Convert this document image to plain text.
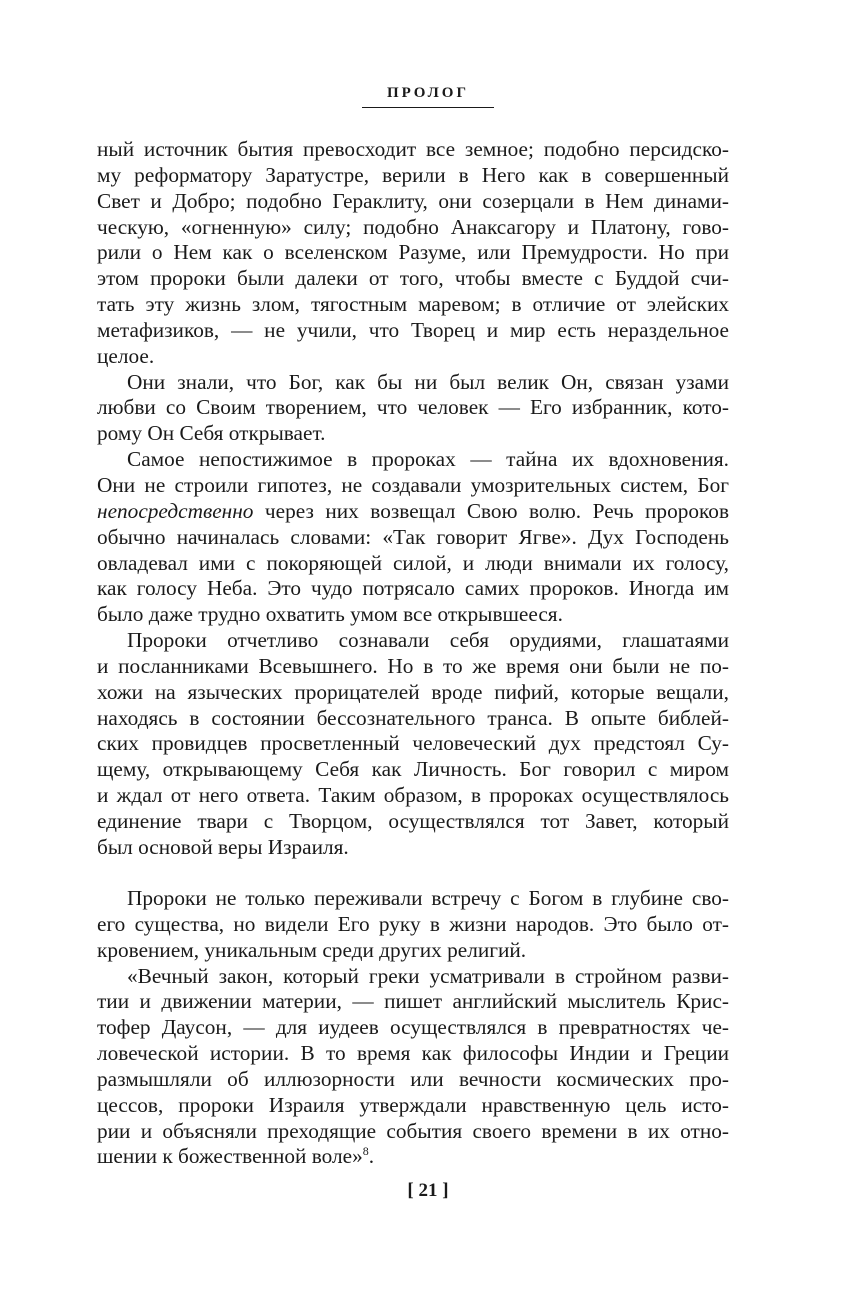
ПРОЛОГ
ный источник бытия превосходит все земное; подобно персидско-
му реформатору Заратустре, верили в Него как в совершенный
Свет и Добро; подобно Гераклиту, они созерцали в Нем динами-
ческую, «огненную» силу; подобно Анаксагору и Платону, гово-
рили о Нем как о вселенском Разуме, или Премудрости. Но при
этом пророки были далеки от того, чтобы вместе с Буддой счи-
тать эту жизнь злом, тягостным маревом; в отличие от элейских
метафизиков, — не учили, что Творец и мир есть нераздельное
целое.
Они знали, что Бог, как бы ни был велик Он, связан узами
любви со Своим творением, что человек — Его избранник, кото-
рому Он Себя открывает.
Самое непостижимое в пророках — тайна их вдохновения.
Они не строили гипотез, не создавали умозрительных систем, Бог
непосредственно через них возвещал Свою волю. Речь пророков
обычно начиналась словами: «Так говорит Ягве». Дух Господень
овладевал ими с покоряющей силой, и люди внимали их голосу,
как голосу Неба. Это чудо потрясало самих пророков. Иногда им
было даже трудно охватить умом все открывшееся.
Пророки отчетливо сознавали себя орудиями, глашатаями
и посланниками Всевышнего. Но в то же время они были не по-
хожи на языческих прорицателей вроде пифий, которые вещали,
находясь в состоянии бессознательного транса. В опыте библей-
ских провидцев просветленный человеческий дух предстоял Су-
щему, открывающему Себя как Личность. Бог говорил с миром
и ждал от него ответа. Таким образом, в пророках осуществлялось
единение твари с Творцом, осуществлялся тот Завет, который
был основой веры Израиля.
Пророки не только переживали встречу с Богом в глубине сво-
его существа, но видели Его руку в жизни народов. Это было от-
кровением, уникальным среди других религий.
«Вечный закон, который греки усматривали в стройном разви-
тии и движении материи, — пишет английский мыслитель Крис-
тофер Даусон, — для иудеев осуществлялся в превратностях че-
ловеческой истории. В то время как философы Индии и Греции
размышляли об иллюзорности или вечности космических про-
цессов, пророки Израиля утверждали нравственную цель исто-
рии и объясняли преходящие события своего времени в их отно-
шении к божественной воле»$^8$.
[ 21 ]
